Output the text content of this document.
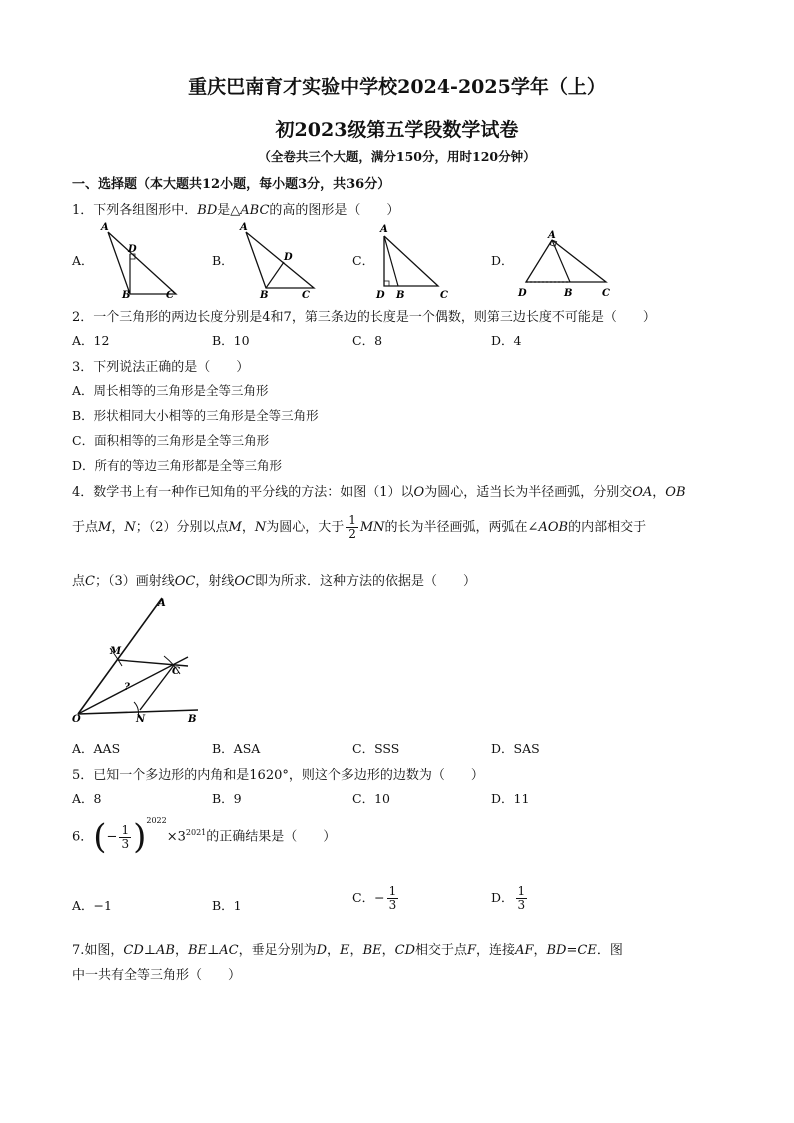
重庆巴南育才实验中学校2024-2025学年（上）
初2023级第五学段数学试卷
（全卷共三个大题，满分150分，用时120分钟）
一、选择题（本大题共12小题，每小题3分，共36分）
1．下列各组图形中．BD是△ABC的高的图形是（　　）
A．	B．	C．	D．
A
D
B	C
A
D
B	C
A
D B	C
A
D	B	C
2．一个三角形的两边长度分别是4和7，第三条边的长度是一个偶数，则第三边长度不可能是（　　）
A．12	B．10	C．8	D．4
3．下列说法正确的是（　　）
A．周长相等的三角形是全等三角形
B．形状相同大小相等的三角形是全等三角形
C．面积相等的三角形是全等三角形
D．所有的等边三角形都是全等三角形
4．数学书上有一种作已知角的平分线的方法：如图（1）以O为圆心，适当长为半径画弧，分别交OA，OB
于点M，N；（2）分别以点M，N为圆心，大于 $\frac{1}{2}$ MN的长为半径画弧，两弧在∠AOB的内部相交于
点C；（3）画射线OC，射线OC即为所求．这种方法的依据是（　　）
A
M
C
O	N	B
?
A．AAS	B．ASA	C．SSS	D．SAS
5．已知一个多边形的内角和是1620°，则这个多边形的边数为（　　）
A．8	B．9	C．10	D．11
6．(− $\frac{1}{3} )^{2022}\times 3^{2021}$的正确结果是（　　）
A．−1	B．1
C．− $\frac{1}{3}$	D． $\frac{1}{3}$
7.如图，CD⊥AB，BE⊥AC，垂足分别为D，E，BE，CD相交于点F，连接AF，BD=CE．图
中一共有全等三角形（　　）
